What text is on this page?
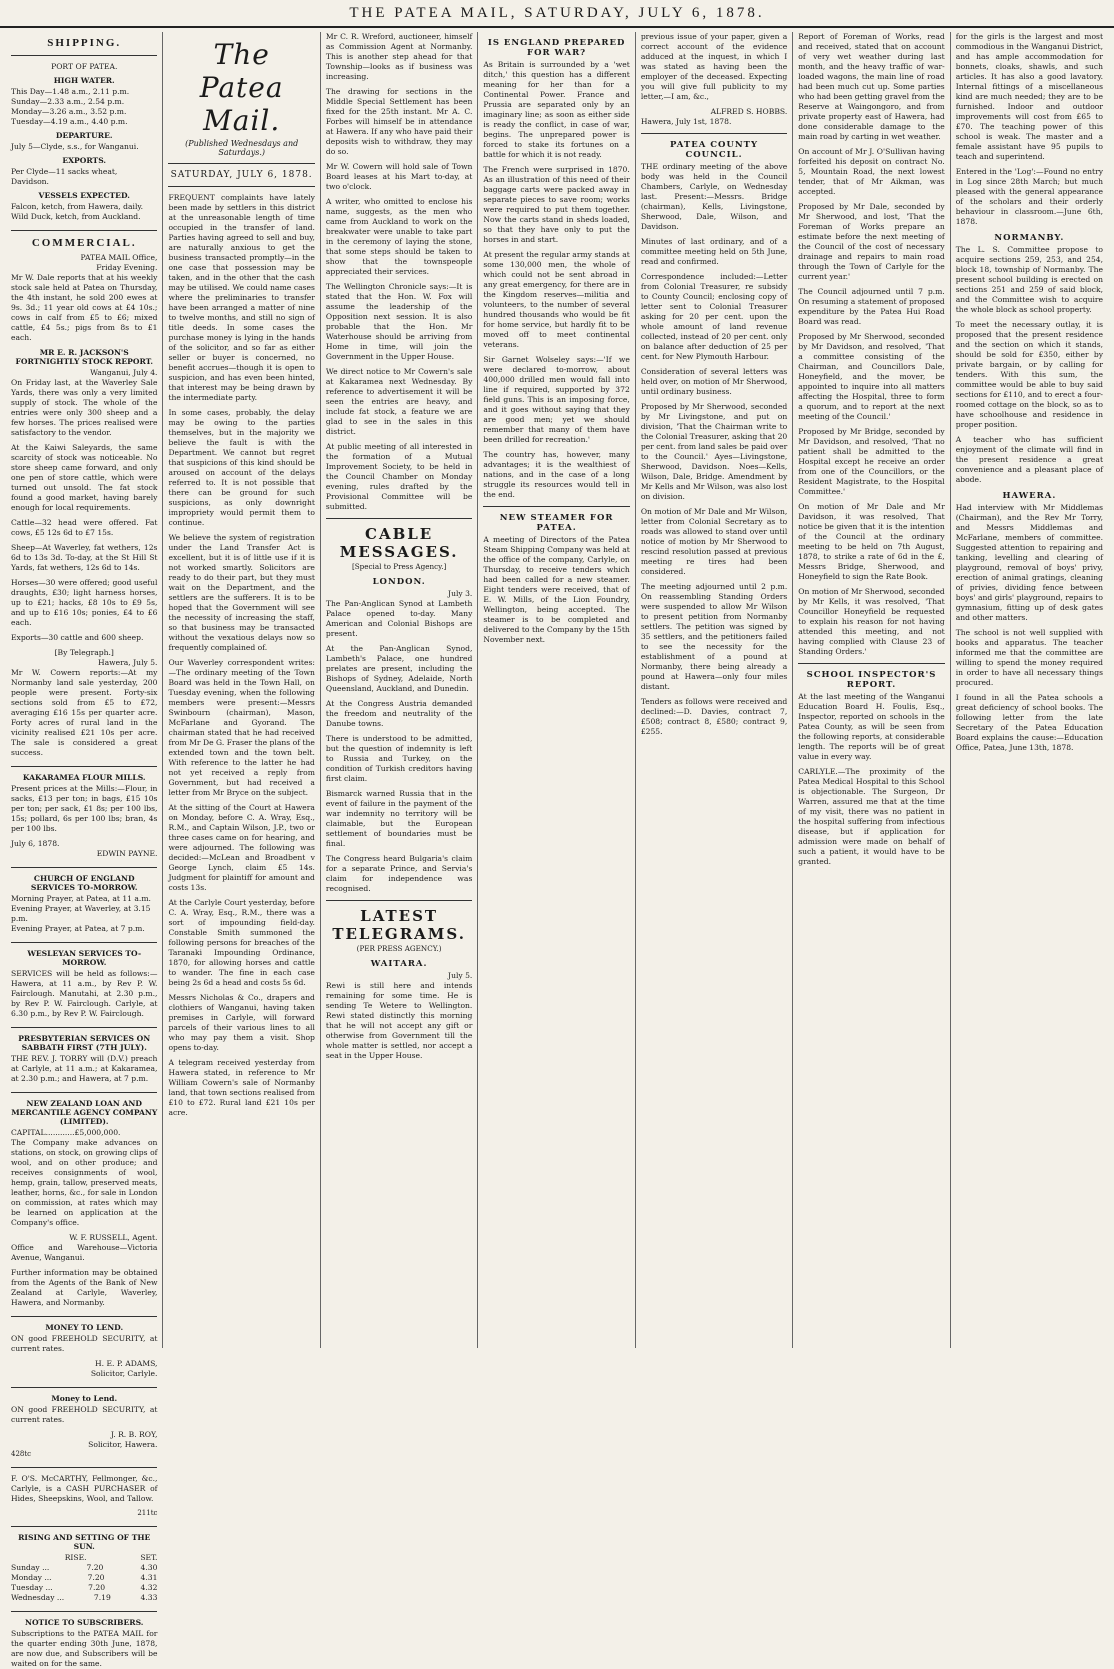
THE PATEA MAIL, SATURDAY, JULY 6, 1878.
SHIPPING.

PORT OF PATEA.

HIGH WATER.

This Day—1.48 a.m., 2.11 p.m.

Sunday—2.33 a.m., 2.54 p.m.

Monday—3.26 a.m., 3.52 p.m.

Tuesday—4.19 a.m., 4.40 p.m.

DEPARTURE.

July 5—Clyde, s.s., for Wanganui.

EXPORTS.

Per Clyde—11 sacks wheat, Davidson.

VESSELS EXPECTED.

Falcon, ketch, from Hawera, daily. Wild Duck, ketch, from Auckland.

COMMERCIAL.

PATEA MAIL Office,

Friday Evening.

Mr W. Dale reports that at his weekly stock sale held at Patea on Thursday, the 4th instant, he sold 200 ewes at 9s. 3d.; 11 year old cows at £4 10s.; cows in calf from £5 to £6; mixed cattle, £4 5s.; pigs from 8s to £1 each.

MR E. R. JACKSON'S FORTNIGHTLY STOCK REPORT.

Wanganui, July 4.

On Friday last, at the Waverley Sale Yards, there was only a very limited supply of stock. The whole of the entries were only 300 sheep and a few horses. The prices realised were satisfactory to the vendor.

At the Kaiwi Saleyards, the same scarcity of stock was noticeable. No store sheep came forward, and only one pen of store cattle, which were turned out unsold. The fat stock found a good market, having barely enough for local requirements.

Cattle—32 head were offered. Fat cows, £5 12s 6d to £7 15s.

Sheep—At Waverley, fat wethers, 12s 6d to 13s 3d. To-day, at the St Hill St Yards, fat wethers, 12s 6d to 14s.

Horses—30 were offered; good useful draughts, £30; light harness horses, up to £21; hacks, £8 10s to £9 5s, and up to £16 10s; ponies, £4 to £6 each.

Exports—30 cattle and 600 sheep.

[By Telegraph.]

Hawera, July 5.

Mr W. Cowern reports:—At my Normanby land sale yesterday, 200 people were present. Forty-six sections sold from £5 to £72, averaging £16 15s per quarter acre. Forty acres of rural land in the vicinity realised £21 10s per acre. The sale is considered a great success.

KAKARAMEA FLOUR MILLS.

Present prices at the Mills:—Flour, in sacks, £13 per ton; in bags, £15 10s per ton; per sack, £1 8s; per 100 lbs, 15s; pollard, 6s per 100 lbs; bran, 4s per 100 lbs.

July 6, 1878.

EDWIN PAYNE.

CHURCH OF ENGLAND SERVICES TO-MORROW.

Morning Prayer, at Patea, at 11 a.m.

Evening Prayer, at Waverley, at 3.15 p.m.

Evening Prayer, at Patea, at 7 p.m.

WESLEYAN SERVICES TO-MORROW.

SERVICES will be held as follows:—Hawera, at 11 a.m., by Rev P. W. Fairclough. Manutahi, at 2.30 p.m., by Rev P. W. Fairclough. Carlyle, at 6.30 p.m., by Rev P. W. Fairclough.

PRESBYTERIAN SERVICES ON SABBATH FIRST (7TH JULY).

THE REV. J. TORRY will (D.V.) preach at Carlyle, at 11 a.m.; at Kakaramea, at 2.30 p.m.; and Hawera, at 7 p.m.

NEW ZEALAND LOAN AND MERCANTILE AGENCY COMPANY (LIMITED).

CAPITAL............£5,000,000.

The Company make advances on stations, on stock, on growing clips of wool, and on other produce; and receives consignments of wool, hemp, grain, tallow, preserved meats, leather, horns, &c., for sale in London on commission, at rates which may be learned on application at the Company's office.

W. F. RUSSELL, Agent.

Office and Warehouse—Victoria Avenue, Wanganui.

Further information may be obtained from the Agents of the Bank of New Zealand at Carlyle, Waverley, Hawera, and Normanby.

MONEY TO LEND.

ON good FREEHOLD SECURITY, at current rates.

H. E. P. ADAMS,

Solicitor, Carlyle.

Money to Lend.

ON good FREEHOLD SECURITY, at current rates.

J. R. B. ROY,

Solicitor, Hawera.

428tc

F. O'S. McCARTHY, Fellmonger, &c., Carlyle, is a CASH PURCHASER of Hides, Sheepskins, Wool, and Tallow.

211tc

RISING AND SETTING OF THE SUN.

RISE.	SET.
Sunday ...	7.20	4.30
Monday ...	7.20	4.31
Tuesday ...	7.20	4.32
Wednesday ...	7.19	4.33

NOTICE TO SUBSCRIBERS.

Subscriptions to the PATEA MAIL for the quarter ending 30th June, 1878, are now due, and Subscribers will be waited on for the same.

The Patea Mail.

(Published Wednesdays and Saturdays.)

SATURDAY, JULY 6, 1878.

FREQUENT complaints have lately been made by settlers in this district at the unreasonable length of time occupied in the transfer of land. Parties having agreed to sell and buy, are naturally anxious to get the business transacted promptly—in the one case that possession may be taken, and in the other that the cash may be utilised. We could name cases where the preliminaries to transfer have been arranged a matter of nine to twelve months, and still no sign of title deeds. In some cases the purchase money is lying in the hands of the solicitor, and so far as either seller or buyer is concerned, no benefit accrues—though it is open to suspicion, and has even been hinted, that interest may be being drawn by the intermediate party.

In some cases, probably, the delay may be owing to the parties themselves, but in the majority we believe the fault is with the Department. We cannot but regret that suspicions of this kind should be aroused on account of the delays referred to. It is not possible that there can be ground for such suspicions, as only downright impropriety would permit them to continue.

We believe the system of registration under the Land Transfer Act is excellent, but it is of little use if it is not worked smartly. Solicitors are ready to do their part, but they must wait on the Department, and the settlers are the sufferers. It is to be hoped that the Government will see the necessity of increasing the staff, so that business may be transacted without the vexatious delays now so frequently complained of.

Our Waverley correspondent writes:—The ordinary meeting of the Town Board was held in the Town Hall, on Tuesday evening, when the following members were present:—Messrs Swinbourn (chairman), Mason, McFarlane and Gyorand. The chairman stated that he had received from Mr De G. Fraser the plans of the extended town and the town belt. With reference to the latter he had not yet received a reply from Government, but had received a letter from Mr Bryce on the subject.

At the sitting of the Court at Hawera on Monday, before C. A. Wray, Esq., R.M., and Captain Wilson, J.P., two or three cases came on for hearing, and were adjourned. The following was decided:—McLean and Broadbent v George Lynch, claim £5 14s. Judgment for plaintiff for amount and costs 13s.

At the Carlyle Court yesterday, before C. A. Wray, Esq., R.M., there was a sort of impounding field-day. Constable Smith summoned the following persons for breaches of the Taranaki Impounding Ordinance, 1870, for allowing horses and cattle to wander. The fine in each case being 2s 6d a head and costs 5s 6d.

Messrs Nicholas & Co., drapers and clothiers of Wanganui, having taken premises in Carlyle, will forward parcels of their various lines to all who may pay them a visit. Shop opens to-day.

A telegram received yesterday from Hawera stated, in reference to Mr William Cowern's sale of Normanby land, that town sections realised from £10 to £72. Rural land £21 10s per acre.

Mr C. R. Wreford, auctioneer, himself as Commission Agent at Normanby. This is another step ahead for that Township—looks as if business was increasing.

The drawing for sections in the Middle Special Settlement has been fixed for the 25th instant. Mr A. C. Forbes will himself be in attendance at Hawera. If any who have paid their deposits wish to withdraw, they may do so.

Mr W. Cowern will hold sale of Town Board leases at his Mart to-day, at two o'clock.

A writer, who omitted to enclose his name, suggests, as the men who came from Auckland to work on the breakwater were unable to take part in the ceremony of laying the stone, that some steps should be taken to show that the townspeople appreciated their services.

The Wellington Chronicle says:—It is stated that the Hon. W. Fox will assume the leadership of the Opposition next session. It is also probable that the Hon. Mr Waterhouse should be arriving from Home in time, will join the Government in the Upper House.

We direct notice to Mr Cowern's sale at Kakaramea next Wednesday. By reference to advertisement it will be seen the entries are heavy, and include fat stock, a feature we are glad to see in the sales in this district.

At public meeting of all interested in the formation of a Mutual Improvement Society, to be held in the Council Chamber on Monday evening, rules drafted by the Provisional Committee will be submitted.

CABLE MESSAGES.

[Special to Press Agency.]

LONDON.

July 3.

The Pan-Anglican Synod at Lambeth Palace opened to-day. Many American and Colonial Bishops are present.

At the Pan-Anglican Synod, Lambeth's Palace, one hundred prelates are present, including the Bishops of Sydney, Adelaide, North Queensland, Auckland, and Dunedin.

At the Congress Austria demanded the freedom and neutrality of the Danube towns.

There is understood to be admitted, but the question of indemnity is left to Russia and Turkey, on the condition of Turkish creditors having first claim.

Bismarck warned Russia that in the event of failure in the payment of the war indemnity no territory will be claimable, but the European settlement of boundaries must be final.

The Congress heard Bulgaria's claim for a separate Prince, and Servia's claim for independence was recognised.

LATEST TELEGRAMS.

(PER PRESS AGENCY.)

WAITARA.

July 5.

Rewi is still here and intends remaining for some time. He is sending Te Wetere to Wellington. Rewi stated distinctly this morning that he will not accept any gift or otherwise from Government till the whole matter is settled, nor accept a seat in the Upper House.

IS ENGLAND PREPARED FOR WAR?

As Britain is surrounded by a 'wet ditch,' this question has a different meaning for her than for a Continental Power. France and Prussia are separated only by an imaginary line; as soon as either side is ready the conflict, in case of war, begins. The unprepared power is forced to stake its fortunes on a battle for which it is not ready.

The French were surprised in 1870. As an illustration of this need of their baggage carts were packed away in separate pieces to save room; works were required to put them together. Now the carts stand in sheds loaded, so that they have only to put the horses in and start.

At present the regular army stands at some 130,000 men, the whole of which could not be sent abroad in any great emergency, for there are in the Kingdom reserves—militia and volunteers, to the number of several hundred thousands who would be fit for home service, but hardly fit to be moved off to meet continental veterans.

Sir Garnet Wolseley says:—'If we were declared to-morrow, about 400,000 drilled men would fall into line if required, supported by 372 field guns. This is an imposing force, and it goes without saying that they are good men; yet we should remember that many of them have been drilled for recreation.'

The country has, however, many advantages; it is the wealthiest of nations, and in the case of a long struggle its resources would tell in the end.

NEW STEAMER FOR PATEA.

A meeting of Directors of the Patea Steam Shipping Company was held at the office of the company, Carlyle, on Thursday, to receive tenders which had been called for a new steamer. Eight tenders were received, that of E. W. Mills, of the Lion Foundry, Wellington, being accepted. The steamer is to be completed and delivered to the Company by the 15th November next.

previous issue of your paper, given a correct account of the evidence adduced at the inquest, in which I was stated as having been the employer of the deceased. Expecting you will give full publicity to my letter,—I am, &c.,

ALFRED S. HOBBS.

Hawera, July 1st, 1878.

PATEA COUNTY COUNCIL.

THE ordinary meeting of the above body was held in the Council Chambers, Carlyle, on Wednesday last. Present:—Messrs. Bridge (chairman), Kells, Livingstone, Sherwood, Dale, Wilson, and Davidson.

Minutes of last ordinary, and of a committee meeting held on 5th June, read and confirmed.

Correspondence included:—Letter from Colonial Treasurer, re subsidy to County Council; enclosing copy of letter sent to Colonial Treasurer asking for 20 per cent. upon the whole amount of land revenue collected, instead of 20 per cent. only on balance after deduction of 25 per cent. for New Plymouth Harbour.

Consideration of several letters was held over, on motion of Mr Sherwood, until ordinary business.

Proposed by Mr Sherwood, seconded by Mr Livingstone, and put on division, 'That the Chairman write to the Colonial Treasurer, asking that 20 per cent. from land sales be paid over to the Council.' Ayes—Livingstone, Sherwood, Davidson. Noes—Kells, Wilson, Dale, Bridge. Amendment by Mr Kells and Mr Wilson, was also lost on division.

On motion of Mr Dale and Mr Wilson, letter from Colonial Secretary as to roads was allowed to stand over until notice of motion by Mr Sherwood to rescind resolution passed at previous meeting re tires had been considered.

The meeting adjourned until 2 p.m. On reassembling Standing Orders were suspended to allow Mr Wilson to present petition from Normanby settlers. The petition was signed by 35 settlers, and the petitioners failed to see the necessity for the establishment of a pound at Normanby, there being already a pound at Hawera—only four miles distant.

Tenders as follows were received and declined:—D. Davies, contract 7, £508; contract 8, £580; contract 9, £255.

Report of Foreman of Works, read and received, stated that on account of very wet weather during last month, and the heavy traffic of war-loaded wagons, the main line of road had been much cut up. Some parties who had been getting gravel from the Reserve at Waingongoro, and from private property east of Hawera, had done considerable damage to the main road by carting in wet weather.

On account of Mr J. O'Sullivan having forfeited his deposit on contract No. 5, Mountain Road, the next lowest tender, that of Mr Aikman, was accepted.

Proposed by Mr Dale, seconded by Mr Sherwood, and lost, 'That the Foreman of Works prepare an estimate before the next meeting of the Council of the cost of necessary drainage and repairs to main road through the Town of Carlyle for the current year.'

The Council adjourned until 7 p.m. On resuming a statement of proposed expenditure by the Patea Hui Road Board was read.

Proposed by Mr Sherwood, seconded by Mr Davidson, and resolved, 'That a committee consisting of the Chairman, and Councillors Dale, Honeyfield, and the mover, be appointed to inquire into all matters affecting the Hospital, three to form a quorum, and to report at the next meeting of the Council.'

Proposed by Mr Bridge, seconded by Mr Davidson, and resolved, 'That no patient shall be admitted to the Hospital except he receive an order from one of the Councillors, or the Resident Magistrate, to the Hospital Committee.'

On motion of Mr Dale and Mr Davidson, it was resolved, That notice be given that it is the intention of the Council at the ordinary meeting to be held on 7th August, 1878, to strike a rate of 6d in the £, Messrs Bridge, Sherwood, and Honeyfield to sign the Rate Book.

On motion of Mr Sherwood, seconded by Mr Kells, it was resolved, 'That Councillor Honeyfield be requested to explain his reason for not having attended this meeting, and not having complied with Clause 23 of Standing Orders.'

SCHOOL INSPECTOR'S REPORT.

At the last meeting of the Wanganui Education Board H. Foulis, Esq., Inspector, reported on schools in the Patea County, as will be seen from the following reports, at considerable length. The reports will be of great value in every way.

CARLYLE.—The proximity of the Patea Medical Hospital to this School is objectionable. The Surgeon, Dr Warren, assured me that at the time of my visit, there was no patient in the hospital suffering from infectious disease, but if application for admission were made on behalf of such a patient, it would have to be granted.

for the girls is the largest and most commodious in the Wanganui District, and has ample accommodation for bonnets, cloaks, shawls, and such articles. It has also a good lavatory. Internal fittings of a miscellaneous kind are much needed; they are to be furnished. Indoor and outdoor improvements will cost from £65 to £70. The teaching power of this school is weak. The master and a female assistant have 95 pupils to teach and superintend.

Entered in the 'Log':—Found no entry in Log since 28th March; but much pleased with the general appearance of the scholars and their orderly behaviour in classroom.—June 6th, 1878.

NORMANBY.

The L. S. Committee propose to acquire sections 259, 253, and 254, block 18, township of Normanby. The present school building is erected on sections 251 and 259 of said block, and the Committee wish to acquire the whole block as school property.

To meet the necessary outlay, it is proposed that the present residence and the section on which it stands, should be sold for £350, either by private bargain, or by calling for tenders. With this sum, the committee would be able to buy said sections for £110, and to erect a four-roomed cottage on the block, so as to have schoolhouse and residence in proper position.

A teacher who has sufficient enjoyment of the climate will find in the present residence a great convenience and a pleasant place of abode.

HAWERA.

Had interview with Mr Middlemas (Chairman), and the Rev Mr Torry, and Messrs Middlemas and McFarlane, members of committee. Suggested attention to repairing and tanking, levelling and clearing of playground, removal of boys' privy, erection of animal gratings, cleaning of privies, dividing fence between boys' and girls' playground, repairs to gymnasium, fitting up of desk gates and other matters.

The school is not well supplied with books and apparatus. The teacher informed me that the committee are willing to spend the money required in order to have all necessary things procured.

I found in all the Patea schools a great deficiency of school books. The following letter from the late Secretary of the Patea Education Board explains the cause:—Education Office, Patea, June 13th, 1878.
